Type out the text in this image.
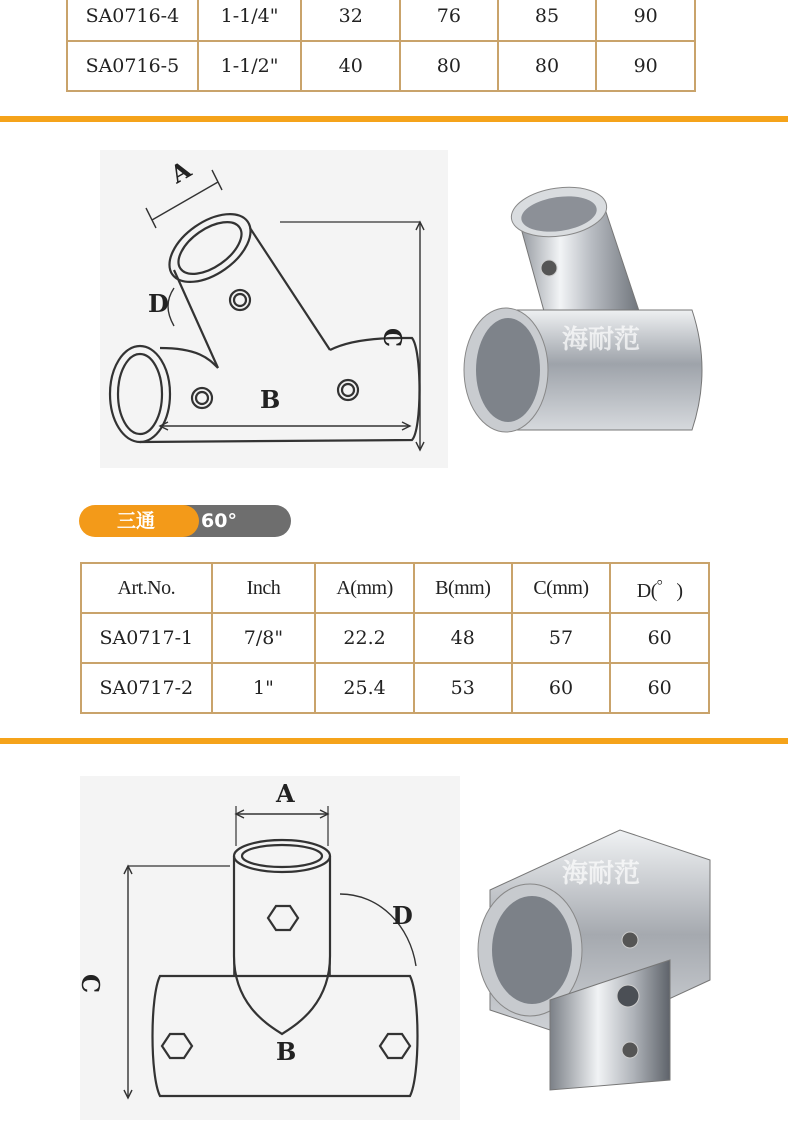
SA0716-4	1-1/4"	32	76	85	90
SA0716-5	1-1/2"	40	80	80	90
A
D
B
C	海耐范
三通	60°
Art.No.	Inch	A(mm)	B(mm)	C(mm)	D(゜)
SA0717-1	7/8"	22.2	48	57	60
SA0717-2	1"	25.4	53	60	60
A
D
B
C
海耐范
